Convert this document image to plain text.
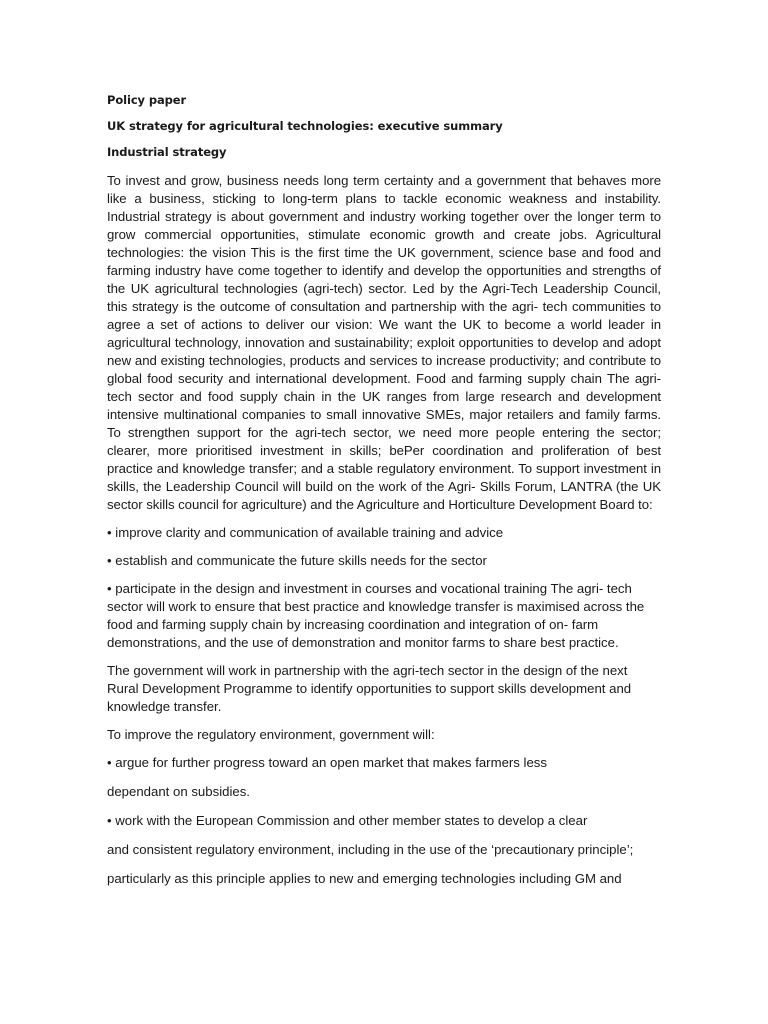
Policy paper
UK strategy for agricultural technologies: executive summary
Industrial strategy

To invest and grow, business needs long term certainty and a government that behaves more like a business, sticking to long-term plans to tackle economic weakness and instability. Industrial strategy is about government and industry working together over the longer term to grow commercial opportunities, stimulate economic growth and create jobs. Agricultural technologies: the vision This is the first time the UK government, science base and food and farming industry have come together to identify and develop the opportunities and strengths of the UK agricultural technologies (agri-tech) sector. Led by the Agri-Tech Leadership Council, this strategy is the outcome of consultation and partnership with the agri- tech communities to agree a set of actions to deliver our vision: We want the UK to become a world leader in agricultural technology, innovation and sustainability; exploit opportunities to develop and adopt new and existing technologies, products and services to increase productivity; and contribute to global food security and international development. Food and farming supply chain The agri-tech sector and food supply chain in the UK ranges from large research and development intensive multinational companies to small innovative SMEs, major retailers and family farms. To strengthen support for the agri-tech sector, we need more people entering the sector; clearer, more prioritised investment in skills; bePer coordination and proliferation of best practice and knowledge transfer; and a stable regulatory environment. To support investment in skills, the Leadership Council will build on the work of the Agri- Skills Forum, LANTRA (the UK sector skills council for agriculture) and the Agriculture and Horticulture Development Board to:

• improve clarity and communication of available training and advice

• establish and communicate the future skills needs for the sector

• participate in the design and investment in courses and vocational training The agri- tech sector will work to ensure that best practice and knowledge transfer is maximised across the food and farming supply chain by increasing coordination and integration of on- farm demonstrations, and the use of demonstration and monitor farms to share best practice.

The government will work in partnership with the agri-tech sector in the design of the next Rural Development Programme to identify opportunities to support skills development and knowledge transfer.

To improve the regulatory environment, government will:

• argue for further progress toward an open market that makes farmers less

dependant on subsidies.

• work with the European Commission and other member states to develop a clear

and consistent regulatory environment, including in the use of the ‘precautionary principle’;

particularly as this principle applies to new and emerging technologies including GM and
